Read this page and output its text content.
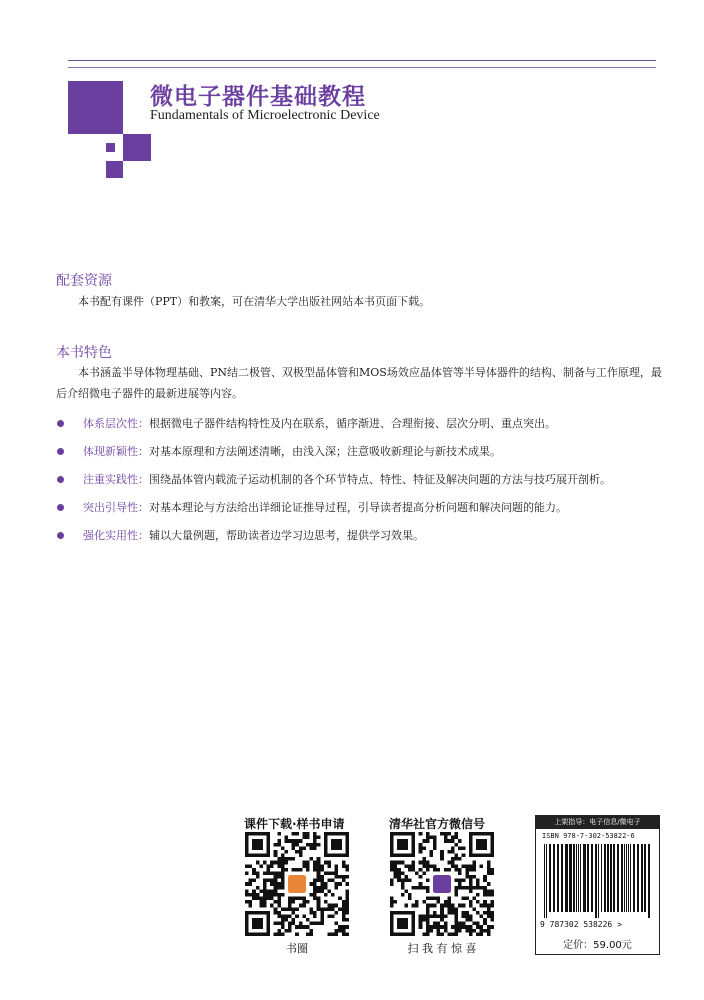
微电子器件基础教程
Fundamentals of Microelectronic Device
配套资源
本书配有课件（PPT）和教案，可在清华大学出版社网站本书页面下载。
本书特色
本书涵盖半导体物理基础、PN结二极管、双极型晶体管和MOS场效应晶体管等半导体器件的结构、制备与工作原理，最后介绍微电子器件的最新进展等内容。
体系层次性：根据微电子器件结构特性及内在联系，循序渐进、合理衔接、层次分明、重点突出。
体现新颖性：对基本原理和方法阐述清晰，由浅入深；注意吸收新理论与新技术成果。
注重实践性：围绕晶体管内载流子运动机制的各个环节特点、特性、特征及解决问题的方法与技巧展开剖析。
突出引导性：对基本理论与方法给出详细论证推导过程，引导读者提高分析问题和解决问题的能力。
强化实用性：辅以大量例题，帮助读者边学习边思考，提供学习效果。
课件下载·样书申请
书圈
清华社官方微信号
扫 我 有 惊 喜
上架指导：电子信息/微电子
ISBN 978-7-302-53822-6
9 787302 538226 >
定价：59.00元
